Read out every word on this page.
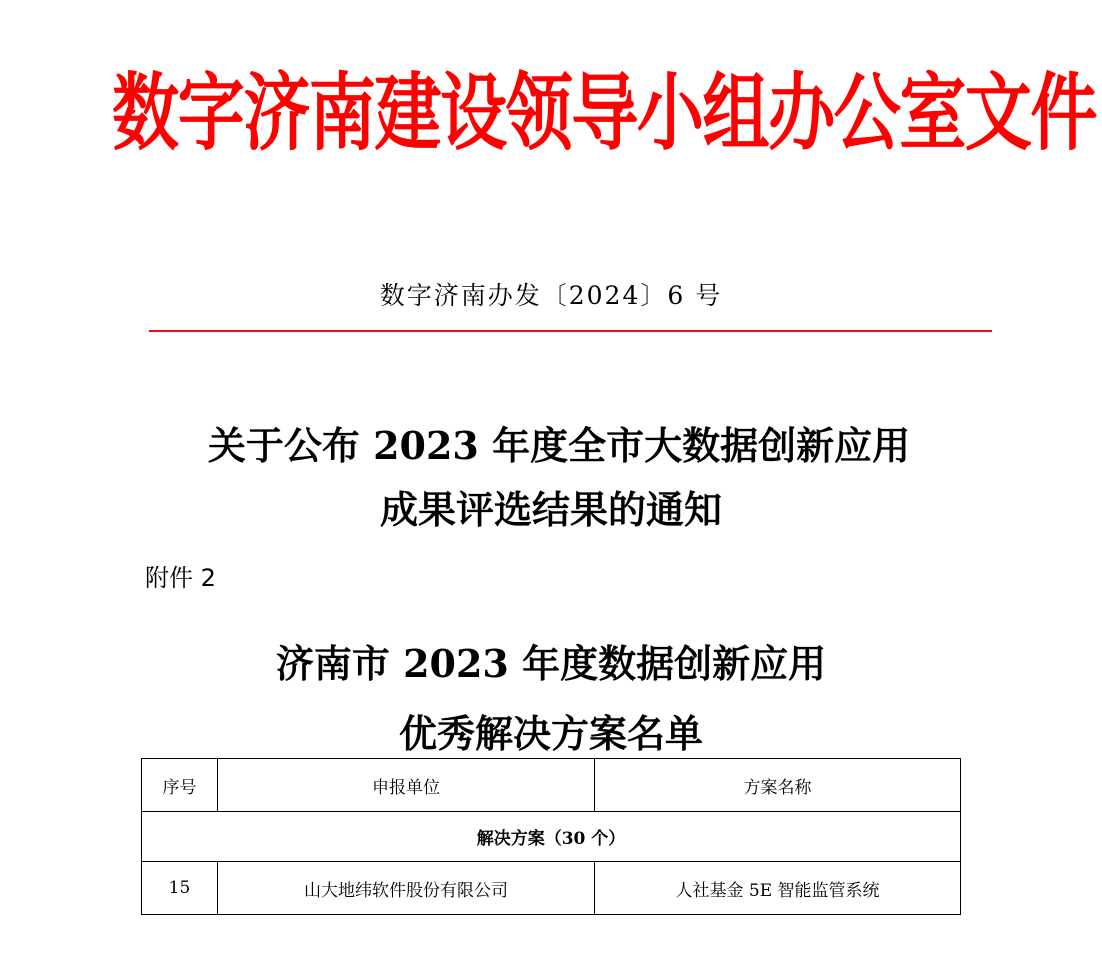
数字济南建设领导小组办公室文件
数字济南办发〔2024〕6 号
关于公布 2023 年度全市大数据创新应用
成果评选结果的通知
附件 2
济南市 2023 年度数据创新应用
优秀解决方案名单
序号	申报单位	方案名称
解决方案（30 个）		
15	山大地纬软件股份有限公司	人社基金 5E 智能监管系统
